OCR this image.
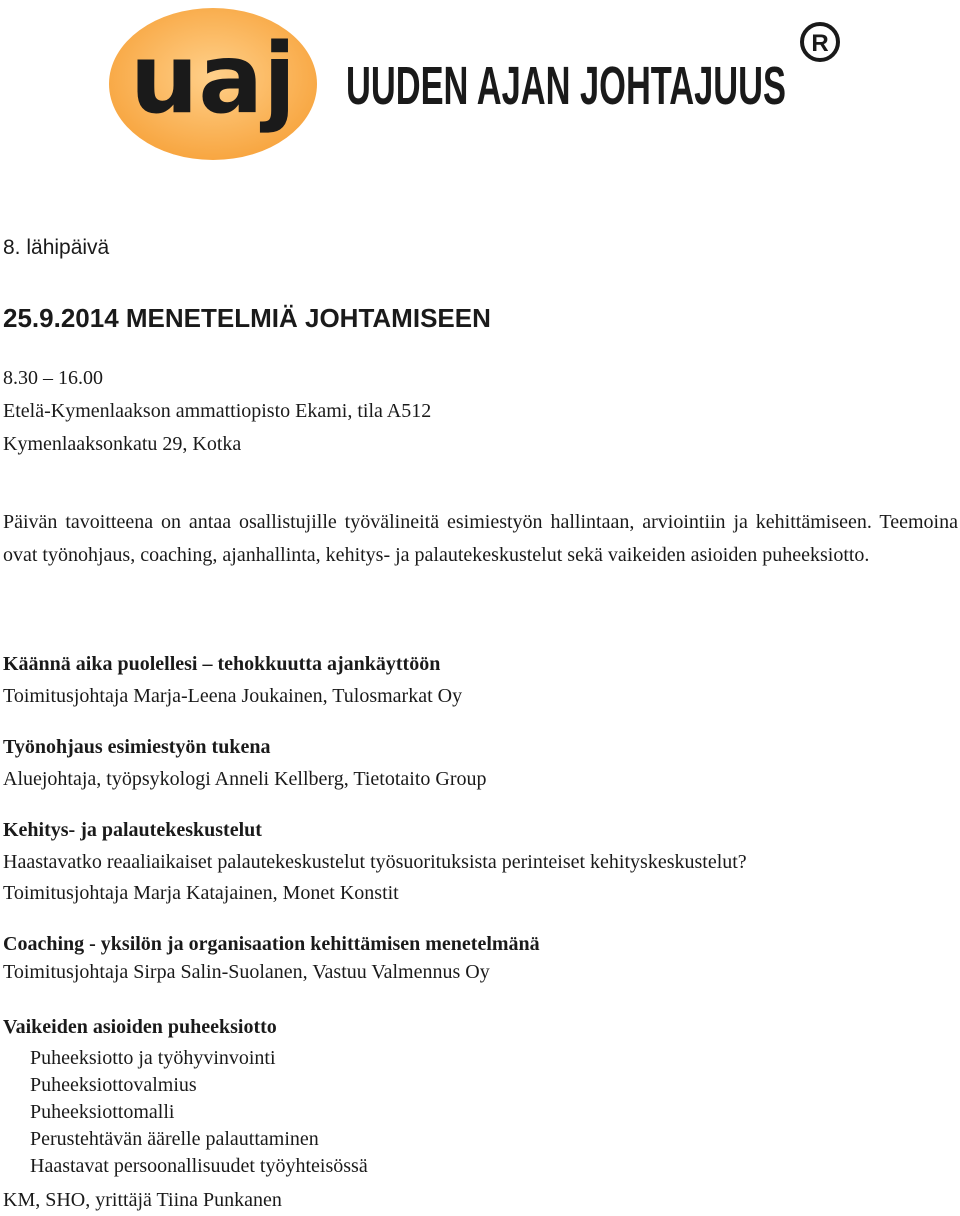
uaj UUDEN AJAN JOHTAJUUS
R
8. lähipäivä
25.9.2014 MENETELMIÄ JOHTAMISEEN
8.30 – 16.00
Etelä-Kymenlaakson ammattiopisto Ekami, tila A512
Kymenlaaksonkatu 29, Kotka
Päivän tavoitteena on antaa osallistujille työvälineitä esimiestyön hallintaan, arviointiin ja kehittämiseen. Teemoina ovat työnohjaus, coaching, ajanhallinta, kehitys- ja palautekeskustelut sekä vaikeiden asioiden puheeksiotto.
Käännä aika puolellesi – tehokkuutta ajankäyttöön
Toimitusjohtaja Marja-Leena Joukainen, Tulosmarkat Oy
Työnohjaus esimiestyön tukena
Aluejohtaja, työpsykologi Anneli Kellberg, Tietotaito Group
Kehitys- ja palautekeskustelut
Haastavatko reaaliaikaiset palautekeskustelut työsuorituksista perinteiset kehityskeskustelut?
Toimitusjohtaja Marja Katajainen, Monet Konstit
Coaching - yksilön ja organisaation kehittämisen menetelmänä
Toimitusjohtaja Sirpa Salin-Suolanen, Vastuu Valmennus Oy
Vaikeiden asioiden puheeksiotto
Puheeksiotto ja työhyvinvointi
Puheeksiottovalmius
Puheeksiottomalli
Perustehtävän äärelle palauttaminen
Haastavat persoonallisuudet työyhteisössä
KM, SHO, yrittäjä Tiina Punkanen
